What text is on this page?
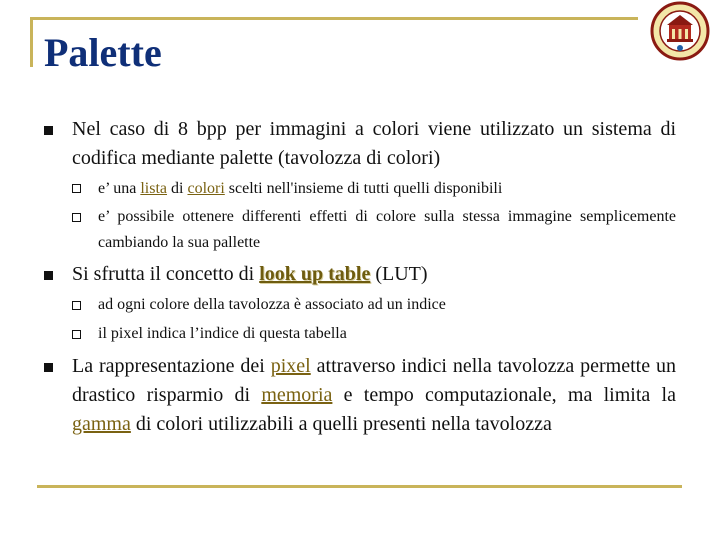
Palette
Nel caso di 8 bpp per immagini a colori viene utilizzato un sistema di codifica mediante palette (tavolozza di colori)
e’ una lista di colori scelti nell'insieme di tutti quelli disponibili
e’ possibile ottenere differenti effetti di colore sulla stessa immagine semplicemente cambiando la sua pallette
Si sfrutta il concetto di look up table (LUT)
ad ogni colore della tavolozza è associato ad un indice
il pixel indica l’indice di questa tabella
La rappresentazione dei pixel attraverso indici nella tavolozza permette un drastico risparmio di memoria e tempo computazionale, ma limita la gamma di colori utilizzabili a quelli presenti nella tavolozza
